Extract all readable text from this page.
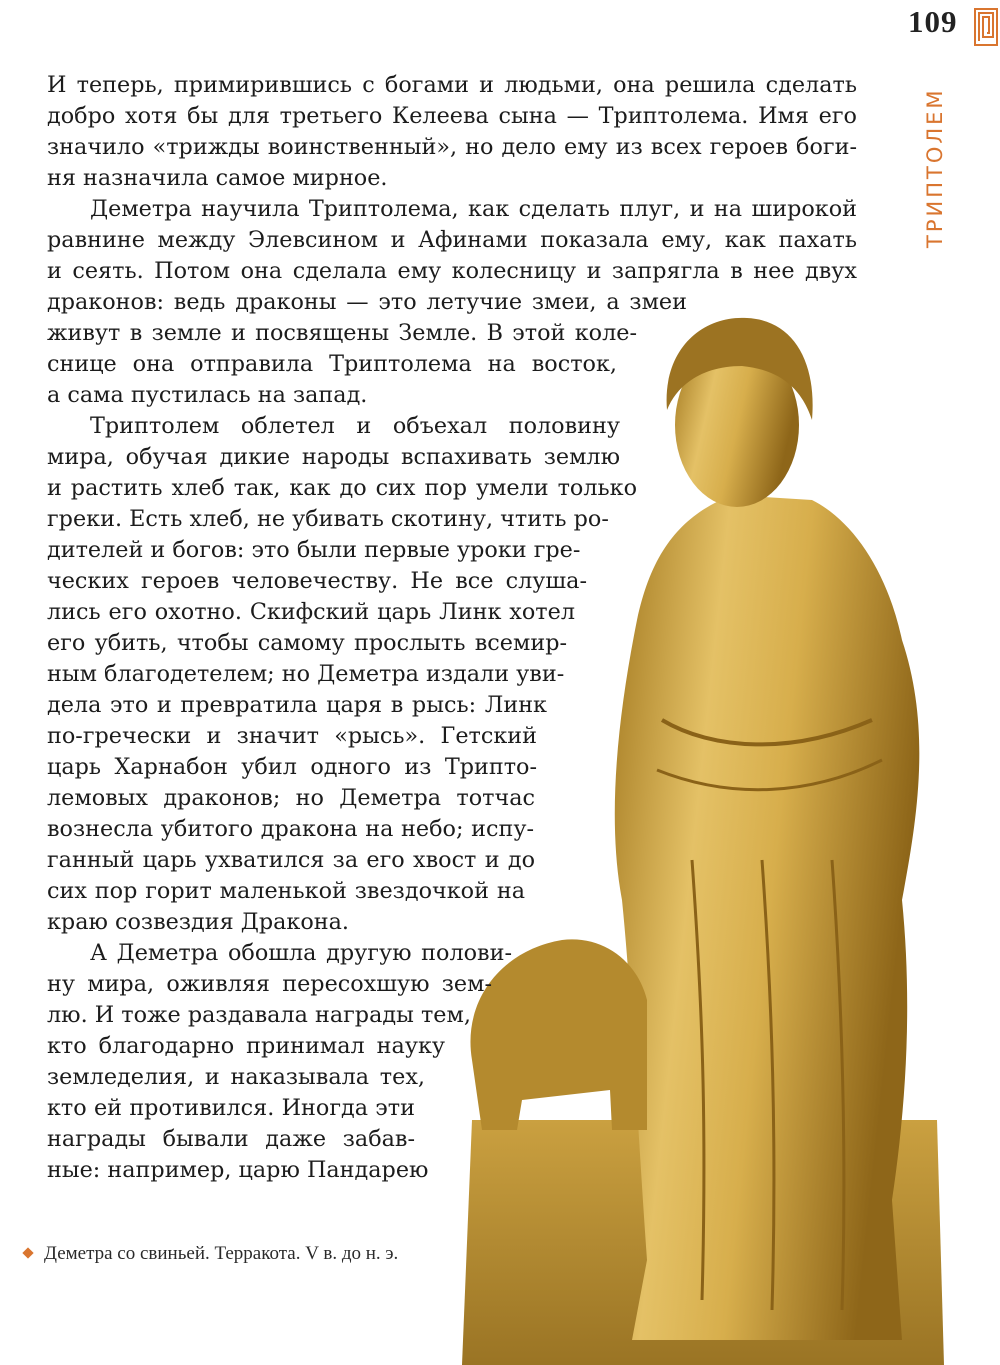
109
ТРИПТОЛЕМ
И теперь, примирившись с богами и людьми, она решила сделать
добро хотя бы для третьего Келеева сына — Триптолема. Имя его
значило «трижды воинственный», но дело ему из всех героев боги-
ня назначила самое мирное.
Деметра научила Триптолема, как сделать плуг, и на широкой
равнине между Элевсином и Афинами показала ему, как пахать
и сеять. Потом она сделала ему колесницу и запрягла в нее двух
драконов: ведь драконы — это летучие змеи, а змеи
живут в земле и посвящены Земле. В этой коле-
снице она отправила Триптолема на восток,
а сама пустилась на запад.
Триптолем облетел и объехал половину
мира, обучая дикие народы вспахивать землю
и растить хлеб так, как до сих пор умели только
греки. Есть хлеб, не убивать скотину, чтить ро-
дителей и богов: это были первые уроки гре-
ческих героев человечеству. Не все слуша-
лись его охотно. Скифский царь Линк хотел
его убить, чтобы самому прослыть всемир-
ным благодетелем; но Деметра издали уви-
дела это и превратила царя в рысь: Линк
по-гречески и значит «рысь». Гетский
царь Харнабон убил одного из Трипто-
лемовых драконов; но Деметра тотчас
вознесла убитого дракона на небо; испу-
ганный царь ухватился за его хвост и до
сих пор горит маленькой звездочкой на
краю созвездия Дракона.
А Деметра обошла другую полови-
ну мира, оживляя пересохшую зем-
лю. И тоже раздавала награды тем,
кто благодарно принимал науку
земледелия, и наказывала тех,
кто ей противился. Иногда эти
награды бывали даже забав-
ные: например, царю Пандарею
Деметра со свиньей. Терракота. V в. до н. э.
